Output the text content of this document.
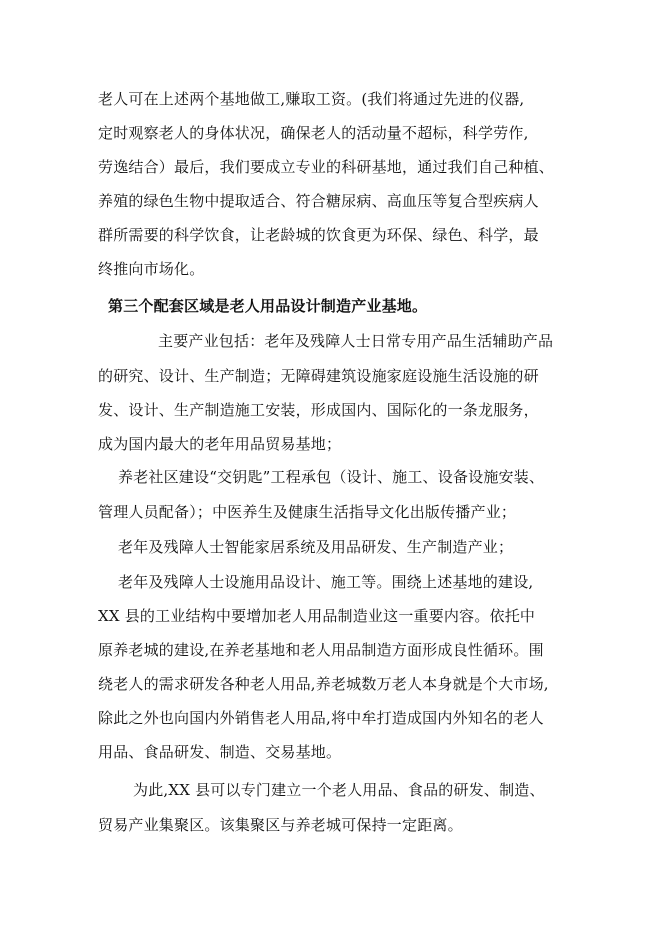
老人可在上述两个基地做工,赚取工资。(我们将通过先进的仪器,
定时观察老人的身体状况，确保老人的活动量不超标，科学劳作,
劳逸结合）最后，我们要成立专业的科研基地，通过我们自己种植、
养殖的绿色生物中提取适合、符合糖尿病、高血压等复合型疾病人
群所需要的科学饮食，让老龄城的饮食更为环保、绿色、科学，最
终推向市场化。
第三个配套区域是老人用品设计制造产业基地。
主要产业包括：老年及残障人士日常专用产品生活辅助产品
的研究、设计、生产制造；无障碍建筑设施家庭设施生活设施的研
发、设计、生产制造施工安装，形成国内、国际化的一条龙服务，
成为国内最大的老年用品贸易基地；
养老社区建设“交钥匙”工程承包（设计、施工、设备设施安装、
管理人员配备）；中医养生及健康生活指导文化出版传播产业；
老年及残障人士智能家居系统及用品研发、生产制造产业；
老年及残障人士设施用品设计、施工等。围绕上述基地的建设,
XX 县的工业结构中要增加老人用品制造业这一重要内容。依托中
原养老城的建设,在养老基地和老人用品制造方面形成良性循环。围
绕老人的需求研发各种老人用品,养老城数万老人本身就是个大市场,
除此之外也向国内外销售老人用品,将中牟打造成国内外知名的老人
用品、食品研发、制造、交易基地。
为此,XX 县可以专门建立一个老人用品、食品的研发、制造、
贸易产业集聚区。该集聚区与养老城可保持一定距离。
